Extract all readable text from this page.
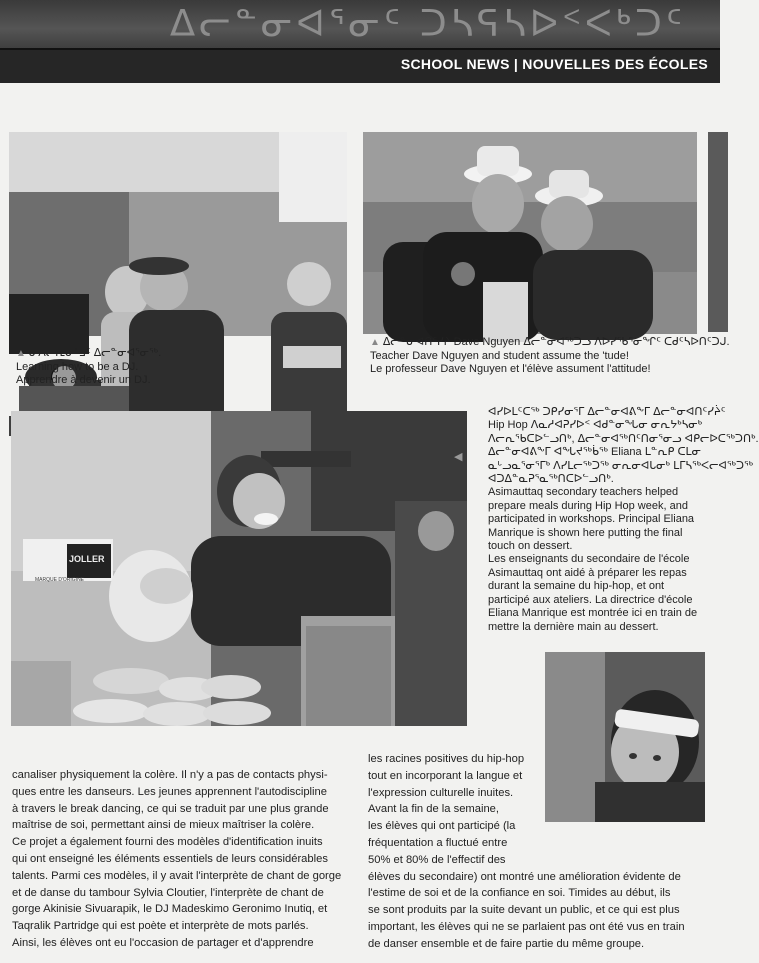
ᐃᓕᓐᓂᐊᕐᓂᑦ ᑐᓴᕋᓴᐅᑉᐸᒃᑐᑦ
SCHOOL NEWS | NOUVELLES DES ÉCOLES
▲ ᓂᐱᓕᕆᓂᕐᒧᑦ ᐃᓕᓐᓂᐊᕐᓂᖅ.
Learning how to be a DJ.
Apprendre à devenir un DJ.
▲ ᐃᓕᓐᓂᐊᑎᑦᓯᔨ Dave Nguyen ᐃᓕᓐᓂᐊᖅᑐᓗ ᐱᐅᓯᖃᕐᓂᖏᑦ ᑕᑯᑦᓴᐅᑎᑦᑐᒍ.
Teacher Dave Nguyen and student assume the 'tude!
Le professeur Dave Nguyen et l'élève assument l'attitude!
JOLLER
MARQUE D'ORIGINE
◀
ᐊᓯᐅᒪᑦᑕᖅ ᑐᑭᓯᓂᕐᒥ ᐃᓕᓐᓂᐊᕕᖕᒥ ᐃᓕᓐᓂᐊᑎᑦᓯᔩᑦ
Hip Hop ᐱᓇᓱᐊᕈᓯᐅᑉ ᐊᑯᓐᓂᖓᓂ ᓂᕆᔭᒃᓴᓂᒃ
ᐱᓕᕆᖃᑕᐅᓪᓗᑎᒃ, ᐃᓕᓐᓂᐊᖅᑎᑦᑎᓂᕐᓂᓗ ᐊᑭᓕᐅᑕᖅᑐᑎᒃ.
ᐃᓕᓐᓂᐊᕕᖕᒥ ᐊᖓᔪᖅᑳᖅ Eliana ᒪᓐᕆᑭ ᑕᒪᓂ
ᓇᒡᓗᓇᕐᓂᕐᒥᒃ ᐱᓯᒪᓕᖅᑐᖅ ᓂᕆᓂᐊᒐᓂᒃ ᒪᒥᓴᖅᐸᓕᐊᖅᑐᖅ
ᐊᑐᐃᓐᓇᕈᕐᓇᖅᑎᑕᐅᓪᓗᑎᒃ.
Asimauttaq secondary teachers helped
prepare meals during Hip Hop week, and
participated in workshops. Principal Eliana
Manrique is shown here putting the final
touch on dessert.
Les enseignants du secondaire de l'école
Asimauttaq ont aidé à préparer les repas
durant la semaine du hip-hop, et ont
participé aux ateliers. La directrice d'école
Eliana Manrique est montrée ici en train de
mettre la dernière main au dessert.
canaliser physiquement la colère. Il n'y a pas de contacts physi-
ques entre les danseurs. Les jeunes apprennent l'autodiscipline
à travers le break dancing, ce qui se traduit par une plus grande
maîtrise de soi, permettant ainsi de mieux maîtriser la colère.
Ce projet a également fourni des modèles d'identification inuits
qui ont enseigné les éléments essentiels de leurs considérables
talents. Parmi ces modèles, il y avait l'interprète de chant de gorge
et de danse du tambour Sylvia Cloutier, l'interprète de chant de
gorge Akinisie Sivuarapik, le DJ Madeskimo Geronimo Inutiq, et
Taqralik Partridge qui est poète et interprète de mots parlés.
Ainsi, les élèves ont eu l'occasion de partager et d'apprendre
les racines positives du hip-hop
tout en incorporant la langue et
l'expression culturelle inuites.
Avant la fin de la semaine,
les élèves qui ont participé (la
fréquentation a fluctué entre
50% et 80% de l'effectif des
élèves du secondaire) ont montré une amélioration évidente de
l'estime de soi et de la confiance en soi. Timides au début, ils
se sont produits par la suite devant un public, et ce qui est plus
important, les élèves qui ne se parlaient pas ont été vus en train
de danser ensemble et de faire partie du même groupe.
